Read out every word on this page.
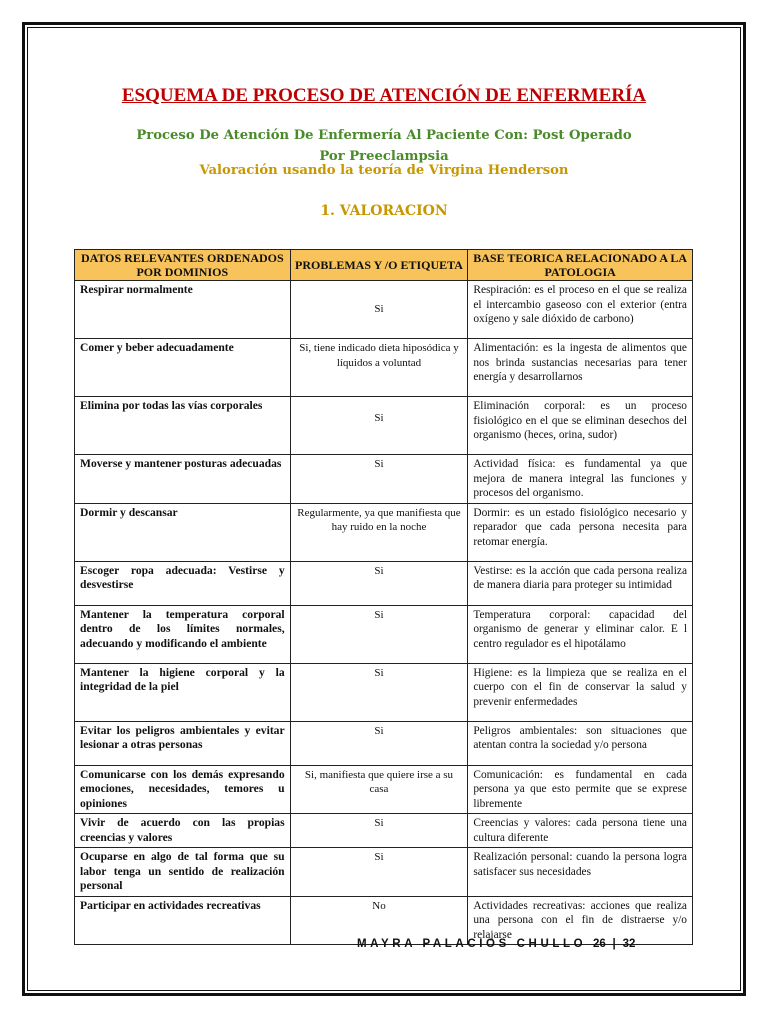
ESQUEMA DE PROCESO DE ATENCIÓN DE ENFERMERÍA
Proceso De Atención De Enfermería Al Paciente Con: Post Operado Por Preeclampsia
Valoración usando la teoría de Virgina Henderson
1. VALORACION
DATOS RELEVANTES ORDENADOS POR DOMINIOS	PROBLEMAS Y /O ETIQUETA	BASE TEORICA RELACIONADO A LA PATOLOGIA
Respirar normalmente	Si	Respiración: es el proceso en el que se realiza el intercambio gaseoso con el exterior (entra oxígeno y sale dióxido de carbono)
Comer y beber adecuadamente	Si, tiene indicado dieta hiposódica y líquidos a voluntad	Alimentación: es la ingesta de alimentos que nos brinda sustancias necesarias para tener energía y desarrollarnos
Elimina por todas las vías corporales	Si	Eliminación corporal: es un proceso fisiológico en el que se eliminan desechos del organismo (heces, orina, sudor)
Moverse y mantener posturas adecuadas	Si	Actividad física: es fundamental ya que mejora de manera integral las funciones y procesos del organismo.
Dormir y descansar	Regularmente, ya que manifiesta que hay ruido en la noche	Dormir: es un estado fisiológico necesario y reparador que cada persona necesita para retomar energía.
Escoger ropa adecuada: Vestirse y desvestirse	Si	Vestirse: es la acción que cada persona realiza de manera diaria para proteger su intimidad
Mantener la temperatura corporal dentro de los límites normales, adecuando y modificando el ambiente	Si	Temperatura corporal: capacidad del organismo de generar y eliminar calor. E l centro regulador es el hipotálamo
Mantener la higiene corporal y la integridad de la piel	Si	Higiene: es la limpieza que se realiza en el cuerpo con el fin de conservar la salud y prevenir enfermedades
Evitar los peligros ambientales y evitar lesionar a otras personas	Si	Peligros ambientales: son situaciones que atentan contra la sociedad y/o persona
Comunicarse con los demás expresando emociones, necesidades, temores u opiniones	Si, manifiesta que quiere irse a su casa	Comunicación: es fundamental en cada persona ya que esto permite que se exprese libremente
Vivir de acuerdo con las propias creencias y valores	Si	Creencias y valores: cada persona tiene una cultura diferente
Ocuparse en algo de tal forma que su labor tenga un sentido de realización personal	Si	Realización personal: cuando la persona logra satisfacer sus necesidades
Participar en actividades recreativas	No	Actividades recreativas: acciones que realiza una persona con el fin de distraerse y/o relajarse
MAYRA PALACIOS CHULLO 26 | 32
